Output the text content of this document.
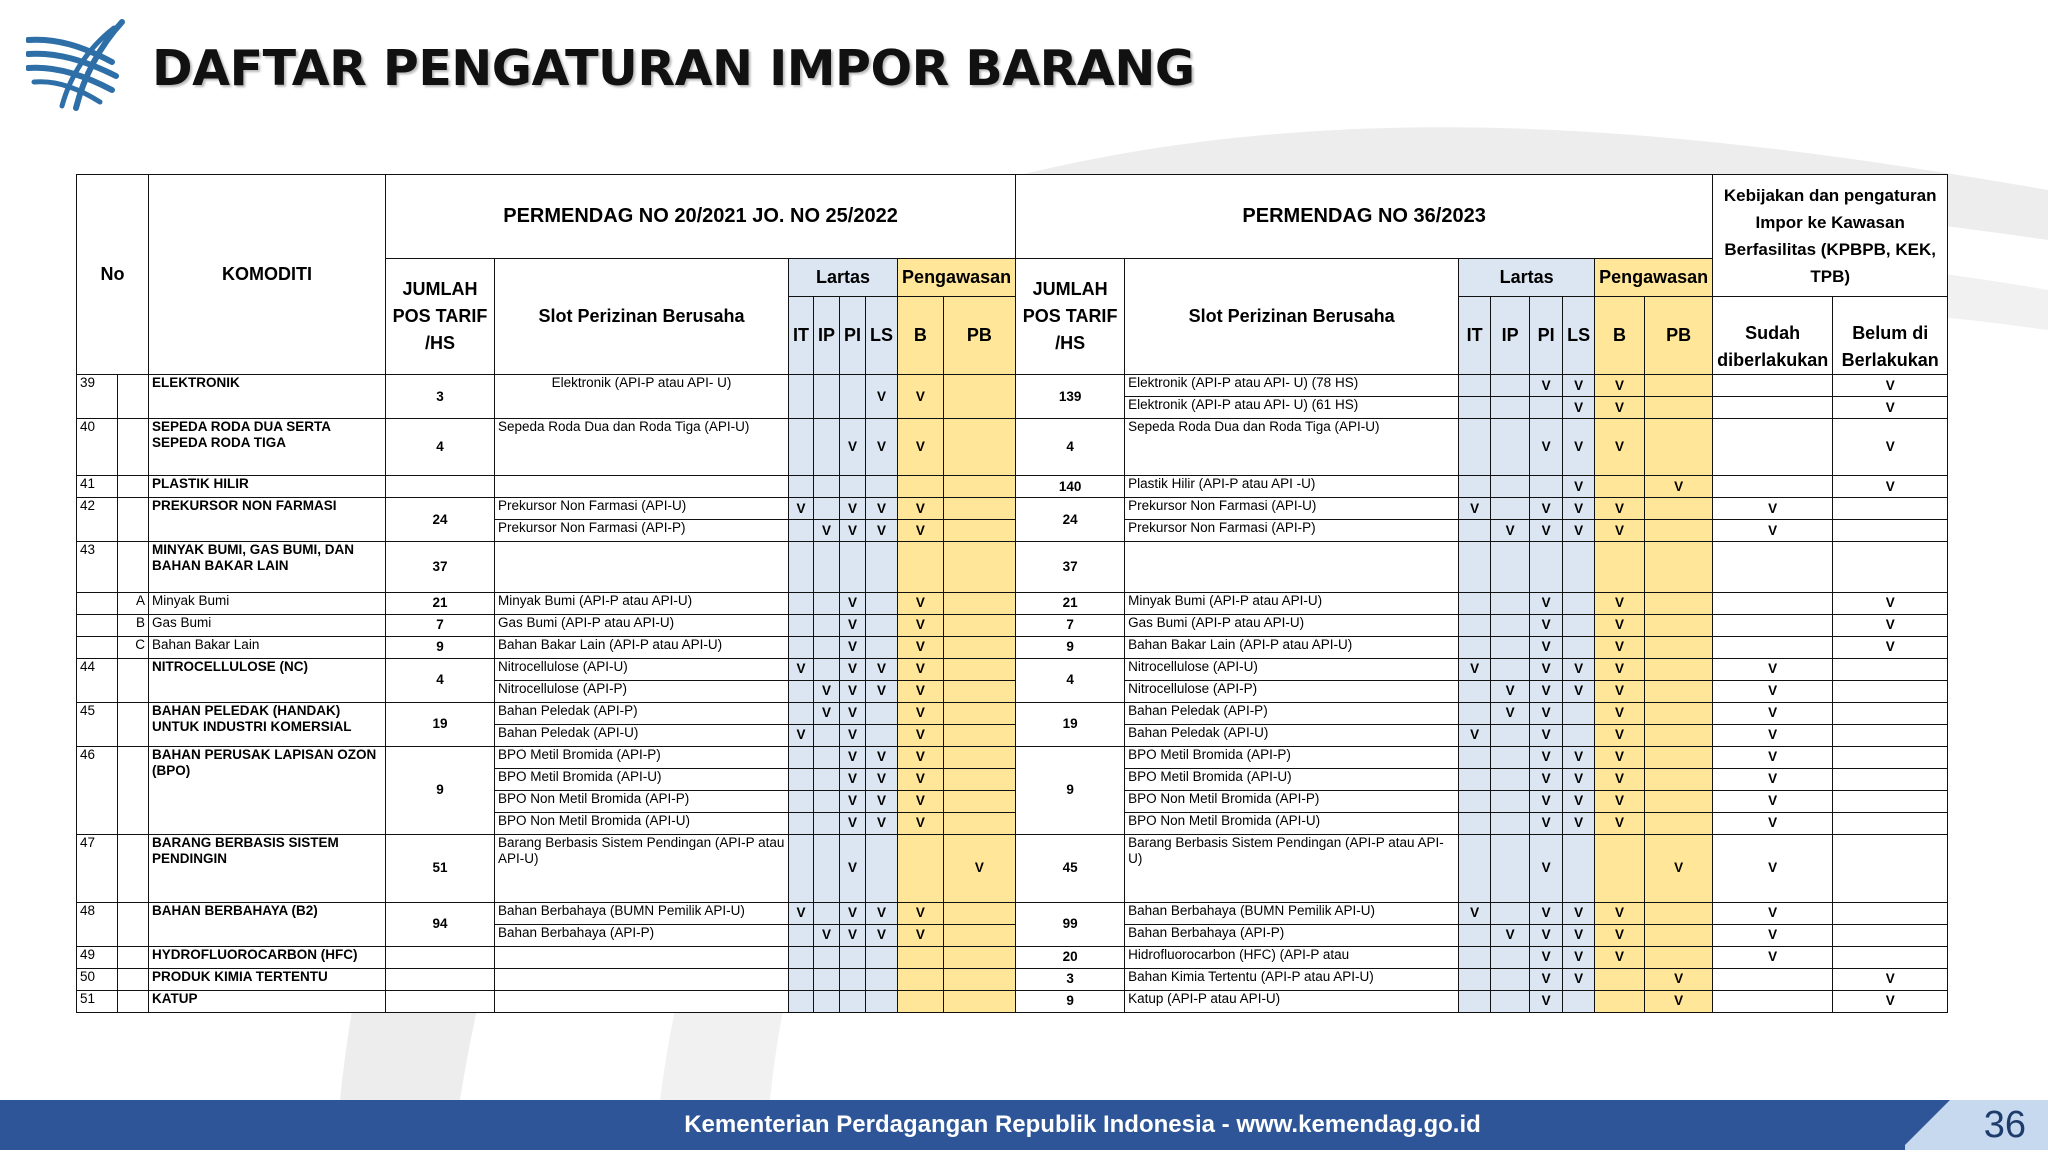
DAFTAR PENGATURAN IMPOR BARANG
No		KOMODITI	PERMENDAG NO 20/2021 JO. NO 25/2022								PERMENDAG NO 36/2023								Kebijakan dan pengaturan Impor ke Kawasan Berfasilitas (KPBPB, KEK, TPB)	
			JUMLAH POS TARIF /HS	Slot Perizinan Berusaha	Lartas				Pengawasan		JUMLAH POS TARIF /HS	Slot Perizinan Berusaha	Lartas				Pengawasan			
					IT	IP	PI	LS	B	PB			IT	IP	PI	LS	B	PB	Sudah diberlakukan	Belum di Berlakukan
39		ELEKTRONIK	3	Elektronik (API-P atau API- U)				V	V		139	Elektronik (API-P atau API- U) (78 HS)			V	V	V			V
												Elektronik (API-P atau API- U) (61 HS)				V	V			V
40		SEPEDA RODA DUA SERTA SEPEDA RODA TIGA	4	Sepeda Roda Dua dan Roda Tiga (API-U)			V	V	V		4	Sepeda Roda Dua dan Roda Tiga (API-U)			V	V	V			V
41		PLASTIK HILIR									140	Plastik Hilir (API-P atau API -U)				V		V		V
42		PREKURSOR NON FARMASI	24	Prekursor Non Farmasi (API-U)	V		V	V	V		24	Prekursor Non Farmasi (API-U)	V		V	V	V		V	
				Prekursor Non Farmasi (API-P)		V	V	V	V			Prekursor Non Farmasi (API-P)		V	V	V	V		V	
43		MINYAK BUMI, GAS BUMI, DAN BAHAN BAKAR LAIN	37								37									
	A	Minyak Bumi	21	Minyak Bumi (API-P atau API-U)			V		V		21	Minyak Bumi (API-P atau API-U)			V		V			V
	B	Gas Bumi	7	Gas Bumi (API-P atau API-U)			V		V		7	Gas Bumi (API-P atau API-U)			V		V			V
	C	Bahan Bakar Lain	9	Bahan Bakar Lain (API-P atau API-U)			V		V		9	Bahan Bakar Lain (API-P atau API-U)			V		V			V
44		NITROCELLULOSE (NC)	4	Nitrocellulose (API-U)	V		V	V	V		4	Nitrocellulose (API-U)	V		V	V	V		V	
				Nitrocellulose (API-P)		V	V	V	V			Nitrocellulose (API-P)		V	V	V	V		V	
45		BAHAN PELEDAK (HANDAK) UNTUK INDUSTRI KOMERSIAL	19	Bahan Peledak (API-P)		V	V		V		19	Bahan Peledak (API-P)		V	V		V		V	
				Bahan Peledak (API-U)	V		V		V			Bahan Peledak (API-U)	V		V		V		V	
46		BAHAN PERUSAK LAPISAN OZON (BPO)	9	BPO Metil Bromida (API-P)			V	V	V		9	BPO Metil Bromida (API-P)			V	V	V		V	
				BPO Metil Bromida (API-U)			V	V	V			BPO Metil Bromida (API-U)			V	V	V		V	
				BPO Non Metil Bromida (API-P)			V	V	V			BPO Non Metil Bromida (API-P)			V	V	V		V	
				BPO Non Metil Bromida (API-U)			V	V	V			BPO Non Metil Bromida (API-U)			V	V	V		V	
47		BARANG BERBASIS SISTEM PENDINGIN	51	Barang Berbasis Sistem Pendingan (API-P atau API-U)			V			V	45	Barang Berbasis Sistem Pendingan (API-P atau API-U)			V			V	V	
48		BAHAN BERBAHAYA (B2)	94	Bahan Berbahaya (BUMN Pemilik API-U)	V		V	V	V		99	Bahan Berbahaya (BUMN Pemilik API-U)	V		V	V	V		V	
				Bahan Berbahaya (API-P)		V	V	V	V			Bahan Berbahaya (API-P)		V	V	V	V		V	
49		HYDROFLUOROCARBON (HFC)									20	Hidrofluorocarbon (HFC) (API-P atau			V	V	V		V	
50		PRODUK KIMIA TERTENTU									3	Bahan Kimia Tertentu (API-P atau API-U)			V	V		V		V
51		KATUP									9	Katup (API-P atau API-U)			V			V		V
Kementerian Perdagangan Republik Indonesia - www.kemendag.go.id	36
